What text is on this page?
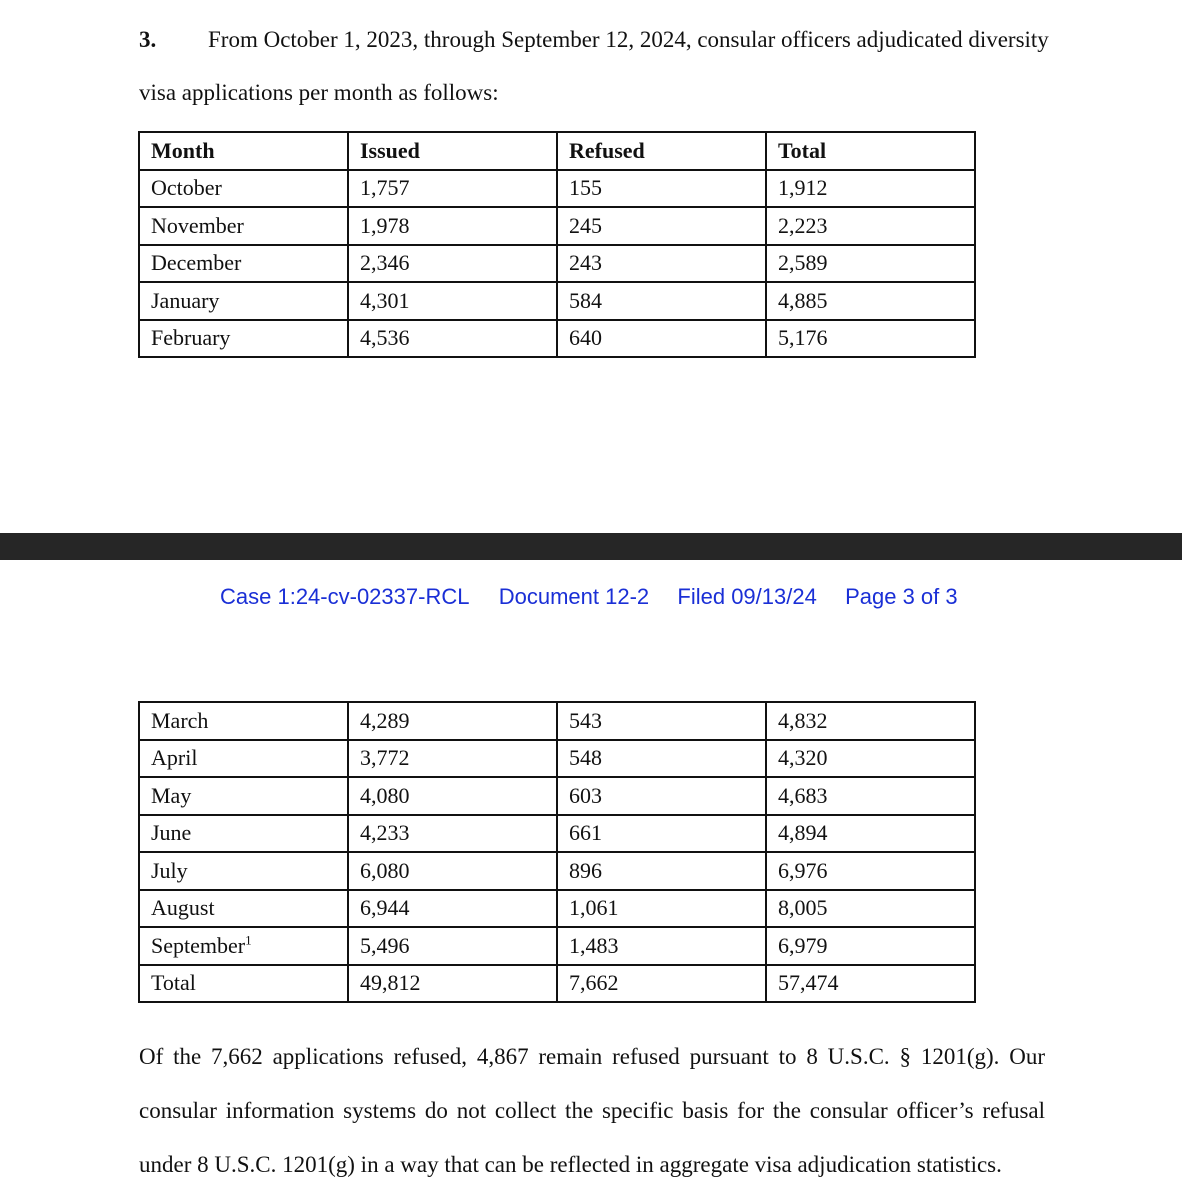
3. From October 1, 2023, through September 12, 2024, consular officers adjudicated diversity
visa applications per month as follows:
Month	Issued	Refused	Total
October	1,757	155	1,912
November	1,978	245	2,223
December	2,346	243	2,589
January	4,301	584	4,885
February	4,536	640	5,176
Case 1:24-cv-02337-RCL Document 12-2 Filed 09/13/24 Page 3 of 3
March	4,289	543	4,832
April	3,772	548	4,320
May	4,080	603	4,683
June	4,233	661	4,894
July	6,080	896	6,976
August	6,944	1,061	8,005
September$^1$	5,496	1,483	6,979
Total	49,812	7,662	57,474
Of the 7,662 applications refused, 4,867 remain refused pursuant to 8 U.S.C. § 1201(g). Our
consular information systems do not collect the specific basis for the consular officer’s refusal
under 8 U.S.C. 1201(g) in a way that can be reflected in aggregate visa adjudication statistics.
